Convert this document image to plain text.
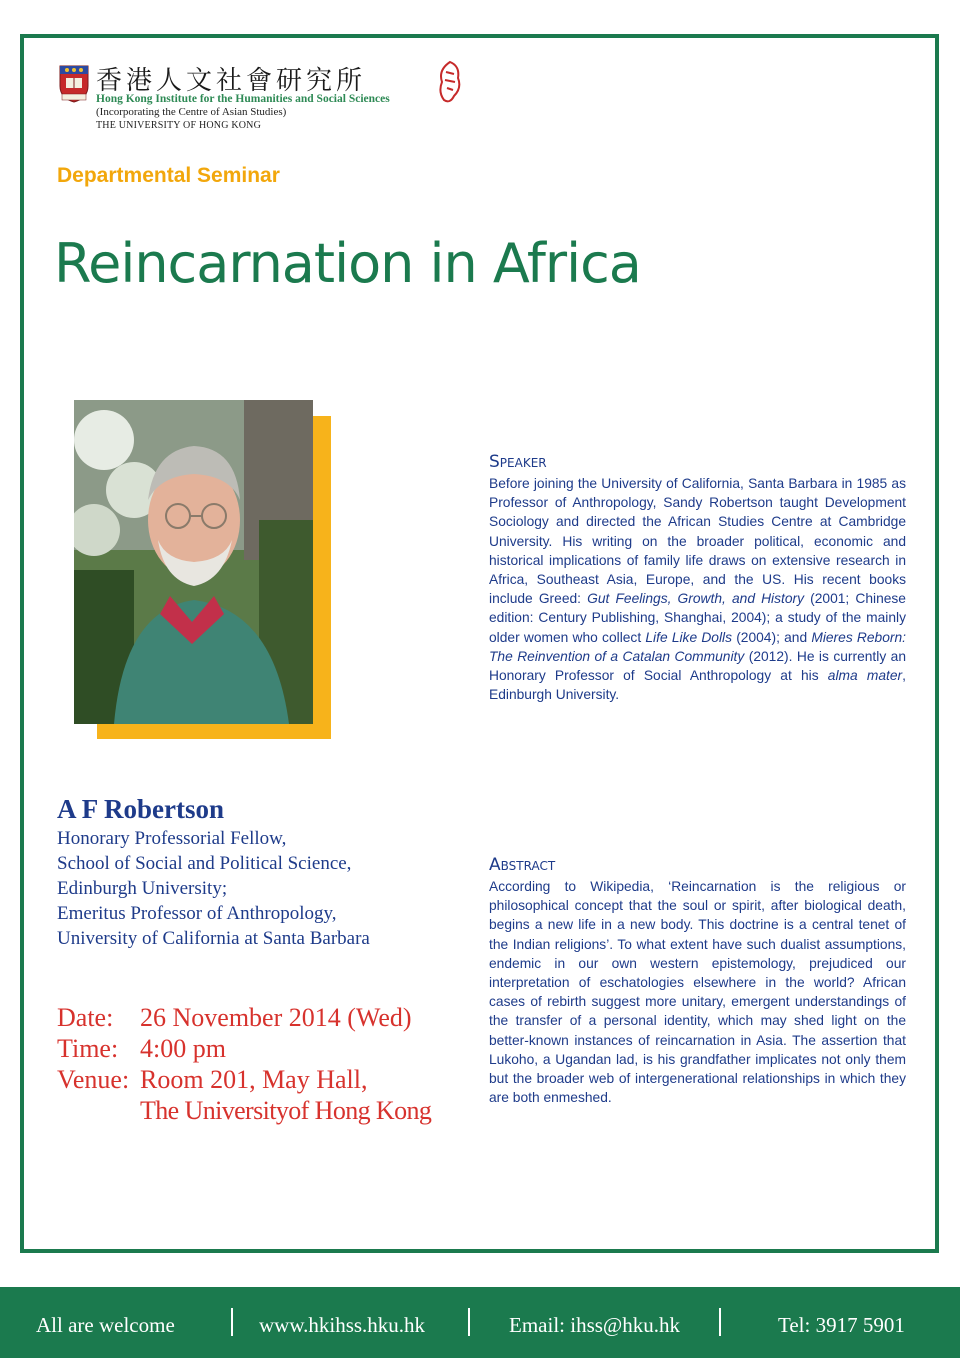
香港人文社會研究所
Hong Kong Institute for the Humanities and Social Sciences
(Incorporating the Centre of Asian Studies)
THE UNIVERSITY OF HONG KONG
Departmental Seminar
Reincarnation in Africa
A F Robertson
Honorary Professorial Fellow,
School of Social and Political Science,
Edinburgh University;
Emeritus Professor of Anthropology,
University of California at Santa Barbara
Date: 26 November 2014 (Wed)
Time: 4:00 pm
Venue: Room 201, May Hall,
The Universityof Hong Kong
Speaker
Before joining the University of California, Santa Barbara in 1985 as Professor of Anthropology, Sandy Robertson taught Development Sociology and directed the African Studies Centre at Cambridge University. His writing on the broader political, economic and historical implications of family life draws on extensive research in Africa, Southeast Asia, Europe, and the US. His recent books include Greed: Gut Feelings, Growth, and History (2001; Chinese edition: Century Publishing, Shanghai, 2004); a study of the mainly older women who collect Life Like Dolls (2004); and Mieres Reborn: The Reinvention of a Catalan Community (2012). He is currently an Honorary Professor of Social Anthropology at his alma mater, Edinburgh University.
Abstract
According to Wikipedia, ‘Reincarnation is the religious or philosophical concept that the soul or spirit, after biological death, begins a new life in a new body. This doctrine is a central tenet of the Indian religions’. To what extent have such dualist assumptions, endemic in our own western epistemology, prejudiced our interpretation of eschatologies elsewhere in the world? African cases of rebirth suggest more unitary, emergent understandings of the transfer of a personal identity, which may shed light on the better-known instances of reincarnation in Asia. The assertion that Lukoho, a Ugandan lad, is his grandfather implicates not only them but the broader web of intergenerational relationships in which they are both enmeshed.
All are welcome	www.hkihss.hku.hk	Email: ihss@hku.hk	Tel: 3917 5901
